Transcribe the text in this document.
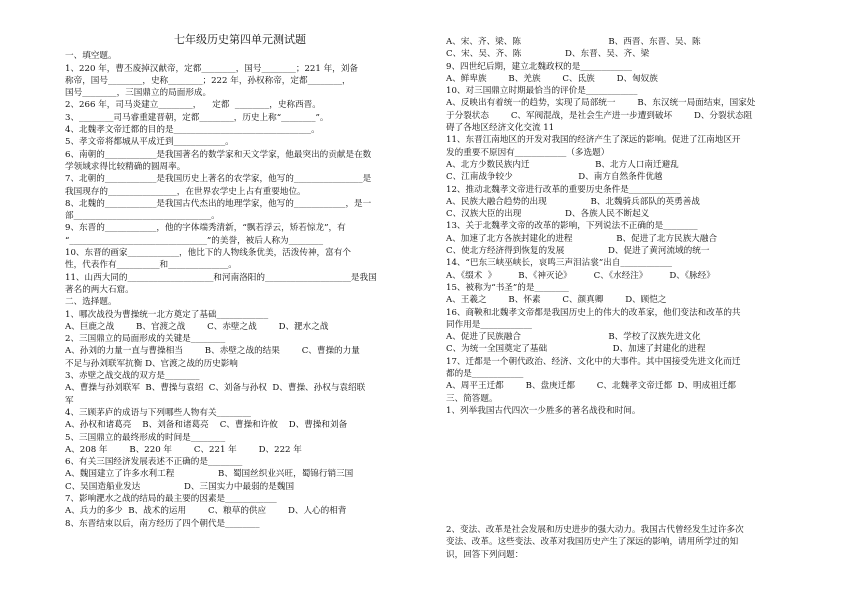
七年级历史第四单元测试题
一、填空题。
1、220 年，曹丕废掉汉献帝，定都________，国号________；221 年，刘备
称帝，国号________，史称________；222 年，孙权称帝，定都________，
国号________，三国鼎立的局面形成。
2、266 年，司马炎建立________，    定都  ________，史称西晋。
3、________司马睿重建晋朝，定都________，历史上称“________”。
4、北魏孝文帝迁都的目的是________________________________。
5、孝文帝将都城从平成迁到____________。
6、南朝的____________是我国著名的数学家和天文学家，他最突出的贡献是在数
学领域求得比较精确的圆周率。
7、北朝的____________是我国历史上著名的农学家，他写的________________是
我国现存的________________，在世界农学史上占有重要地位。
8、北魏的____________是我国古代杰出的地理学家，他写的____________，是一
部________________________________。
9、东晋的____________，他的字体端秀清新，“飘若浮云，矫若惊龙”，有
“________________________________”的美誉，被后人称为________
10、东晋的画家____________，他比下的人物线条优美，活泼传神，富有个
性，代表作有__________和______________。
11、山西大同的____________________和河南洛阳的____________________是我国
著名的两大石窟。
二、选择题。
1、哪次战役为曹操统一北方奠定了基础____________
A、巨鹿之战        B、官渡之战        C、赤壁之战        D、淝水之战
2、三国鼎立的局面形成的关键是________
A、孙刘的力量一直与曹操相当        B、赤壁之战的结果        C、曹操的力量
不足与孙刘联军抗衡 D、官渡之战的历史影响
3、赤壁之战交战的双方是________
A、曹操与孙刘联军  B、曹操与袁绍  C、刘备与孙权  D、曹操、孙权与袁绍联
军
4、三顾茅庐的成语与下列哪些人物有关________
A、孙权和诸葛亮    B、刘备和诸葛亮    C、曹操和许攸    D、曹操和刘备
5、三国鼎立的最终形成的时间是________
A、208 年        B、220 年        C、221 年        D、222 年
6、有关三国经济发展表述不正确的是________
A、魏国建立了许多水利工程                B、蜀国丝织业兴旺，蜀锦行销三国
C、吴国造船业发达                D、三国实力中最弱的是魏国
7、影响淝水之战的结局的最主要的因素是____________
A、兵力的多少  B、战术的运用        C、粮草的供应        D、人心的相背
8、东晋结束以后，南方经历了四个朝代是________
A、宋、齐、梁、陈                                B、西晋、东晋、吴、陈
C、宋、吴、齐、陈                D、东晋、吴、齐、梁
9、四世纪后期，建立北魏政权的是____________
A、鲜卑族        B、羌族        C、氐族        D、匈奴族
10、对三国鼎立时期最恰当的评价是____________
A、反映出有着统一的趋势，实现了局部统一        B、东汉统一局面结束，国家处
于分裂状态        C、军阀混战，是社会生产进一步遭到破坏        D、分裂状态阻
碍了各地区经济文化交流 11
11、东晋江南地区的开发对我国的经济产生了深远的影响。促进了江南地区开
发的重要不原因有____________（多选题）
A、北方少数民族内迁                        B、北方人口南迁避乱
C、江南战争较少                        D、南方自然条件优越
12、推动北魏孝文帝进行改革的重要历史条件是____________
A、民族大融合趋势的出现                B、北魏骑兵部队的英勇善战
C、汉族大臣的出现                D、各族人民不断起义
13、关于北魏孝文帝的改革的影响，下列说法不正确的是________
A、加速了北方各族封建化的进程                B、促进了北方民族大融合
C、使北方经济得到恢复的发展                D、促进了黄河流域的统一
14、“巴东三峡巫峡长，哀鸣三声泪沾裳”出自____________
A、《缀术  》        B、《神灭论》        C、《水经注》        D、《脉经》
15、被称为“书圣”的是________
A、王羲之        B、怀素        C、颜真卿        D、顾恺之
16、商鞅和北魏孝文帝都是我国历史上的伟大的改革家，他们变法和改革的共
同作用是____________
A、促进了民族融合                                B、学校了汉族先进文化
C、为统一全国奠定了基础                        D、加速了封建化的进程
17、迁都是一个朝代政治、经济、文化中的大事件。其中国接受先进文化而迁
都的是____________
A、周平王迁都        B、盘庚迁都        C、北魏孝文帝迁都  D、明成祖迁都
三、简答题。
1、列举我国古代四次一少胜多的著名战役和时间。
2、变法、改革是社会发展和历史进步的强大动力。我国古代曾经发生过许多次
变法、改革。这些变法、改革对我国历史产生了深远的影响，请用所学过的知
识，回答下列问题：
